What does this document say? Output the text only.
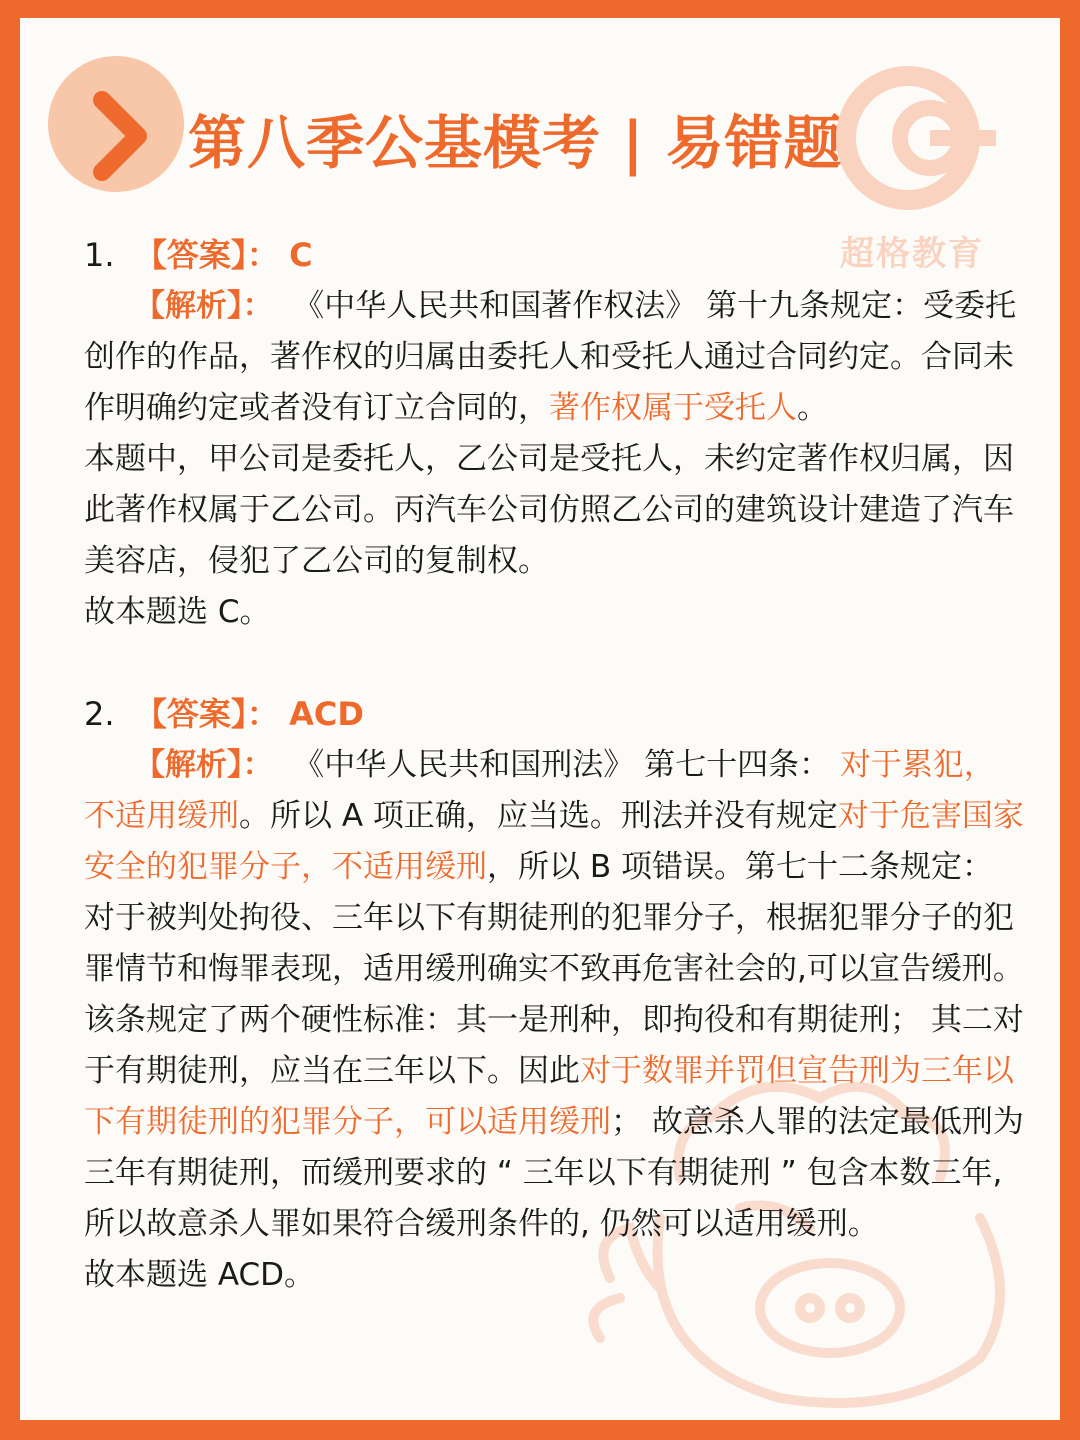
第八季公基模考 | 易错题
超格教育

1. 【答案】： C

【解析】： 《中华人民共和国著作权法》 第十九条规定：受委托创作的作品，著作权的归属由委托人和受托人通过合同约定。合同未作明确约定或者没有订立合同的，著作权属于受托人。

本题中，甲公司是委托人，乙公司是受托人，未约定著作权归属，因此著作权属于乙公司。丙汽车公司仿照乙公司的建筑设计建造了汽车美容店，侵犯了乙公司的复制权。

故本题选 C。

2. 【答案】： ACD

【解析】： 《中华人民共和国刑法》 第七十四条： 对于累犯，不适用缓刑。所以 A 项正确，应当选。刑法并没有规定对于危害国家安全的犯罪分子，不适用缓刑，所以 B 项错误。第七十二条规定： 对于被判处拘役、三年以下有期徒刑的犯罪分子，根据犯罪分子的犯罪情节和悔罪表现，适用缓刑确实不致再危害社会的,可以宣告缓刑。该条规定了两个硬性标准：其一是刑种，即拘役和有期徒刑； 其二对于有期徒刑，应当在三年以下。因此对于数罪并罚但宣告刑为三年以下有期徒刑的犯罪分子，可以适用缓刑； 故意杀人罪的法定最低刑为三年有期徒刑，而缓刑要求的 “ 三年以下有期徒刑 ” 包含本数三年, 所以故意杀人罪如果符合缓刑条件的, 仍然可以适用缓刑。

故本题选 ACD。
